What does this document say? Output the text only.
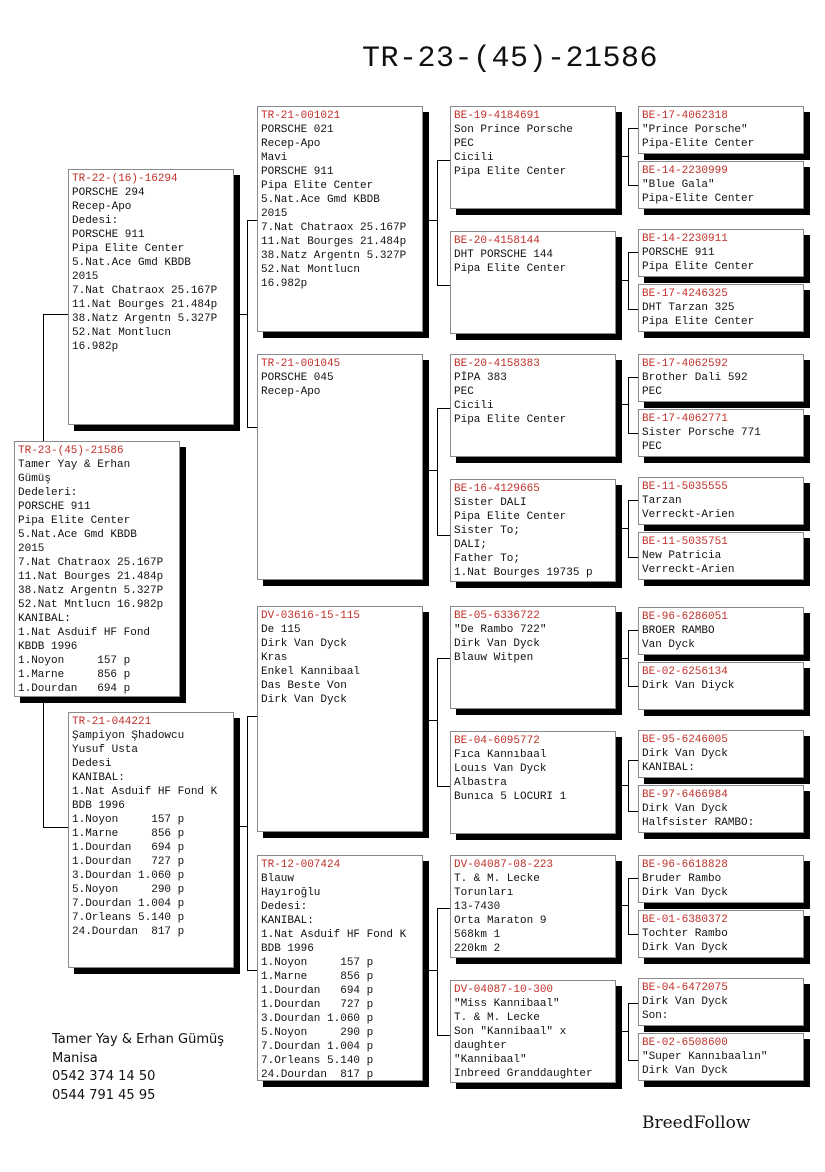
TR-23-(45)-21586
TR-23-(45)-21586
Tamer Yay & Erhan
Gümüş
Dedeleri:
PORSCHE 911
Pipa Elite Center
5.Nat.Ace Gmd KBDB
2015
7.Nat Chatraox 25.167P
11.Nat Bourges 21.484p
38.Natz Argentn 5.327P
52.Nat Mntlucn 16.982p
KANIBAL:
1.Nat Asduif HF Fond
KBDB 1996
1.Noyon     157 p
1.Marne     856 p
1.Dourdan   694 p
TR-22-(16)-16294
PORSCHE 294
Recep-Apo
Dedesi:
PORSCHE 911
Pipa Elite Center
5.Nat.Ace Gmd KBDB
2015
7.Nat Chatraox 25.167P
11.Nat Bourges 21.484p
38.Natz Argentn 5.327P
52.Nat Montlucn
16.982p
TR-21-044221
Şampiyon Şhadowcu
Yusuf Usta
Dedesi
KANIBAL:
1.Nat Asduif HF Fond K
BDB 1996
1.Noyon     157 p
1.Marne     856 p
1.Dourdan   694 p
1.Dourdan   727 p
3.Dourdan 1.060 p
5.Noyon     290 p
7.Dourdan 1.004 p
7.Orleans 5.140 p
24.Dourdan  817 p
TR-21-001021
PORSCHE 021
Recep-Apo
Mavi
PORSCHE 911
Pipa Elite Center
5.Nat.Ace Gmd KBDB
2015
7.Nat Chatraox 25.167P
11.Nat Bourges 21.484p
38.Natz Argentn 5.327P
52.Nat Montlucn
16.982p
TR-21-001045
PORSCHE 045
Recep-Apo
DV-03616-15-115
De 115
Dirk Van Dyck
Kras
Enkel Kannibaal
Das Beste Von
Dirk Van Dyck
TR-12-007424
Blauw
Hayıroğlu
Dedesi:
KANIBAL:
1.Nat Asduif HF Fond K
BDB 1996
1.Noyon     157 p
1.Marne     856 p
1.Dourdan   694 p
1.Dourdan   727 p
3.Dourdan 1.060 p
5.Noyon     290 p
7.Dourdan 1.004 p
7.Orleans 5.140 p
24.Dourdan  817 p
BE-19-4184691
Son Prince Porsche
PEC
Cicili
Pipa Elite Center
BE-20-4158144
DHT PORSCHE 144
Pipa Elite Center
BE-20-4158383
PİPA 383
PEC
Cicili
Pipa Elite Center
BE-16-4129665
Sister DALI
Pipa Elite Center
Sister To;
DALI;
Father To;
1.Nat Bourges 19735 p
BE-05-6336722
"De Rambo 722"
Dirk Van Dyck
Blauw Witpen
BE-04-6095772
Fıca Kannıbaal
Louıs Van Dyck
Albastra
Bunıca 5 LOCURI 1
DV-04087-08-223
T. & M. Lecke
Torunları
13-7430
Orta Maraton 9
568km 1
220km 2
DV-04087-10-300
"Miss Kannibaal"
T. & M. Lecke
Son "Kannibaal" x
daughter
"Kannibaal"
Inbreed Granddaughter
BE-17-4062318
"Prince Porsche"
Pipa-Elite Center
BE-14-2230999
"Blue Gala"
Pipa-Elite Center
BE-14-2230911
PORSCHE 911
Pipa Elite Center
BE-17-4246325
DHT Tarzan 325
Pipa Elite Center
BE-17-4062592
Brother Dali 592
PEC
BE-17-4062771
Sister Porsche 771
PEC
BE-11-5035555
Tarzan
Verreckt-Arien
BE-11-5035751
New Patricia
Verreckt-Arien
BE-96-6286051
BROER RAMBO
Van Dyck
BE-02-6256134
Dirk Van Diyck
BE-95-6246005
Dirk Van Dyck
KANIBAL:
BE-97-6466984
Dirk Van Dyck
Halfsister RAMBO:
BE-96-6618828
Bruder Rambo
Dirk Van Dyck
BE-01-6380372
Tochter Rambo
Dirk Van Dyck
BE-04-6472075
Dirk Van Dyck
Son:
BE-02-6508600
"Super Kannıbaalın"
Dirk Van Dyck
Tamer Yay & Erhan Gümüş
Manisa
0542 374 14 50
0544 791 45 95
BreedFollow
